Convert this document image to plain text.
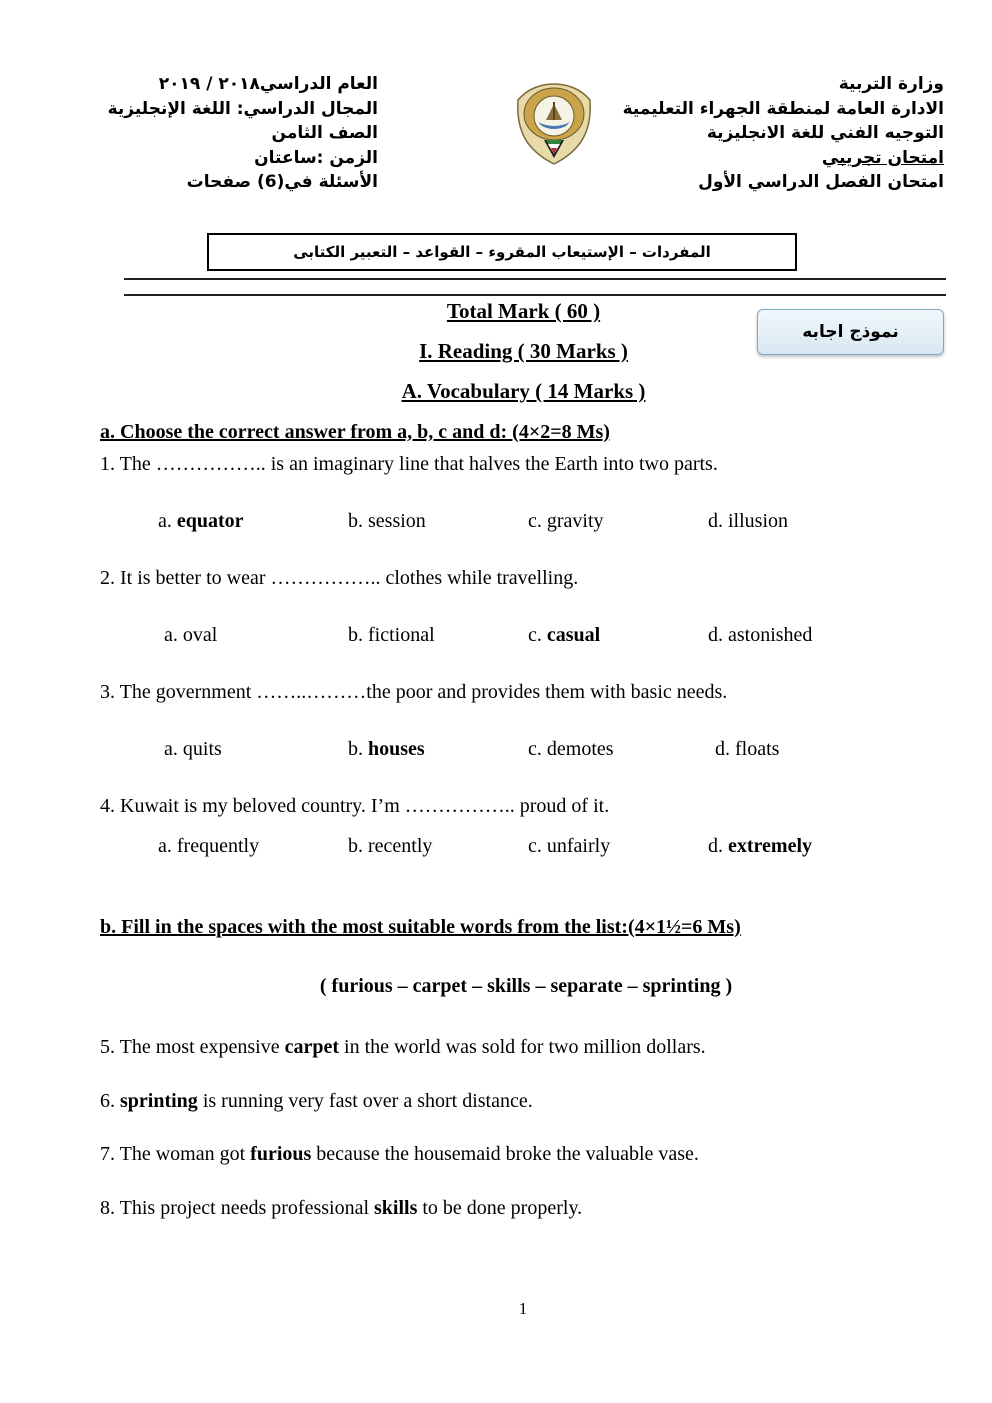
وزارة التربية
الادارة العامة لمنطقة الجهراء التعليمية
التوجيه الفني للغة الانجليزية
امتحان تجريبي
امتحان الفصل الدراسي الأول
العام الدراسي٢٠١٨ / ٢٠١٩
المجال الدراسي: اللغة الإنجليزية
الصف الثامن
الزمن :ساعتان
الأسئلة في(6) صفحات
المفردات – الإستيعاب المقروء – القواعد – التعبير الكتابى
نموذج اجابه
Total Mark ( 60 )
I. Reading ( 30 Marks )
A. Vocabulary ( 14 Marks )
a. Choose the correct answer from a, b, c and d: (4×2=8 Ms)
1. The …………….. is an imaginary line that halves the Earth into two parts.
a. equator	b. session	c. gravity	d. illusion
2. It is better to wear …………….. clothes while travelling.
a. oval	b. fictional	c. casual	d. astonished
3. The government ……..………the poor and provides them with basic needs.
a. quits	b. houses	c. demotes	d. floats
4. Kuwait is my beloved country. I’m …………….. proud of it.
a. frequently	b. recently	c. unfairly	d. extremely
b. Fill in the spaces with the most suitable words from the list:(4×1½=6 Ms)
( furious – carpet – skills – separate – sprinting )
5. The most expensive carpet in the world was sold for two million dollars.
6. sprinting is running very fast over a short distance.
7. The woman got furious because the housemaid broke the valuable vase.
8. This project needs professional skills to be done properly.
1
